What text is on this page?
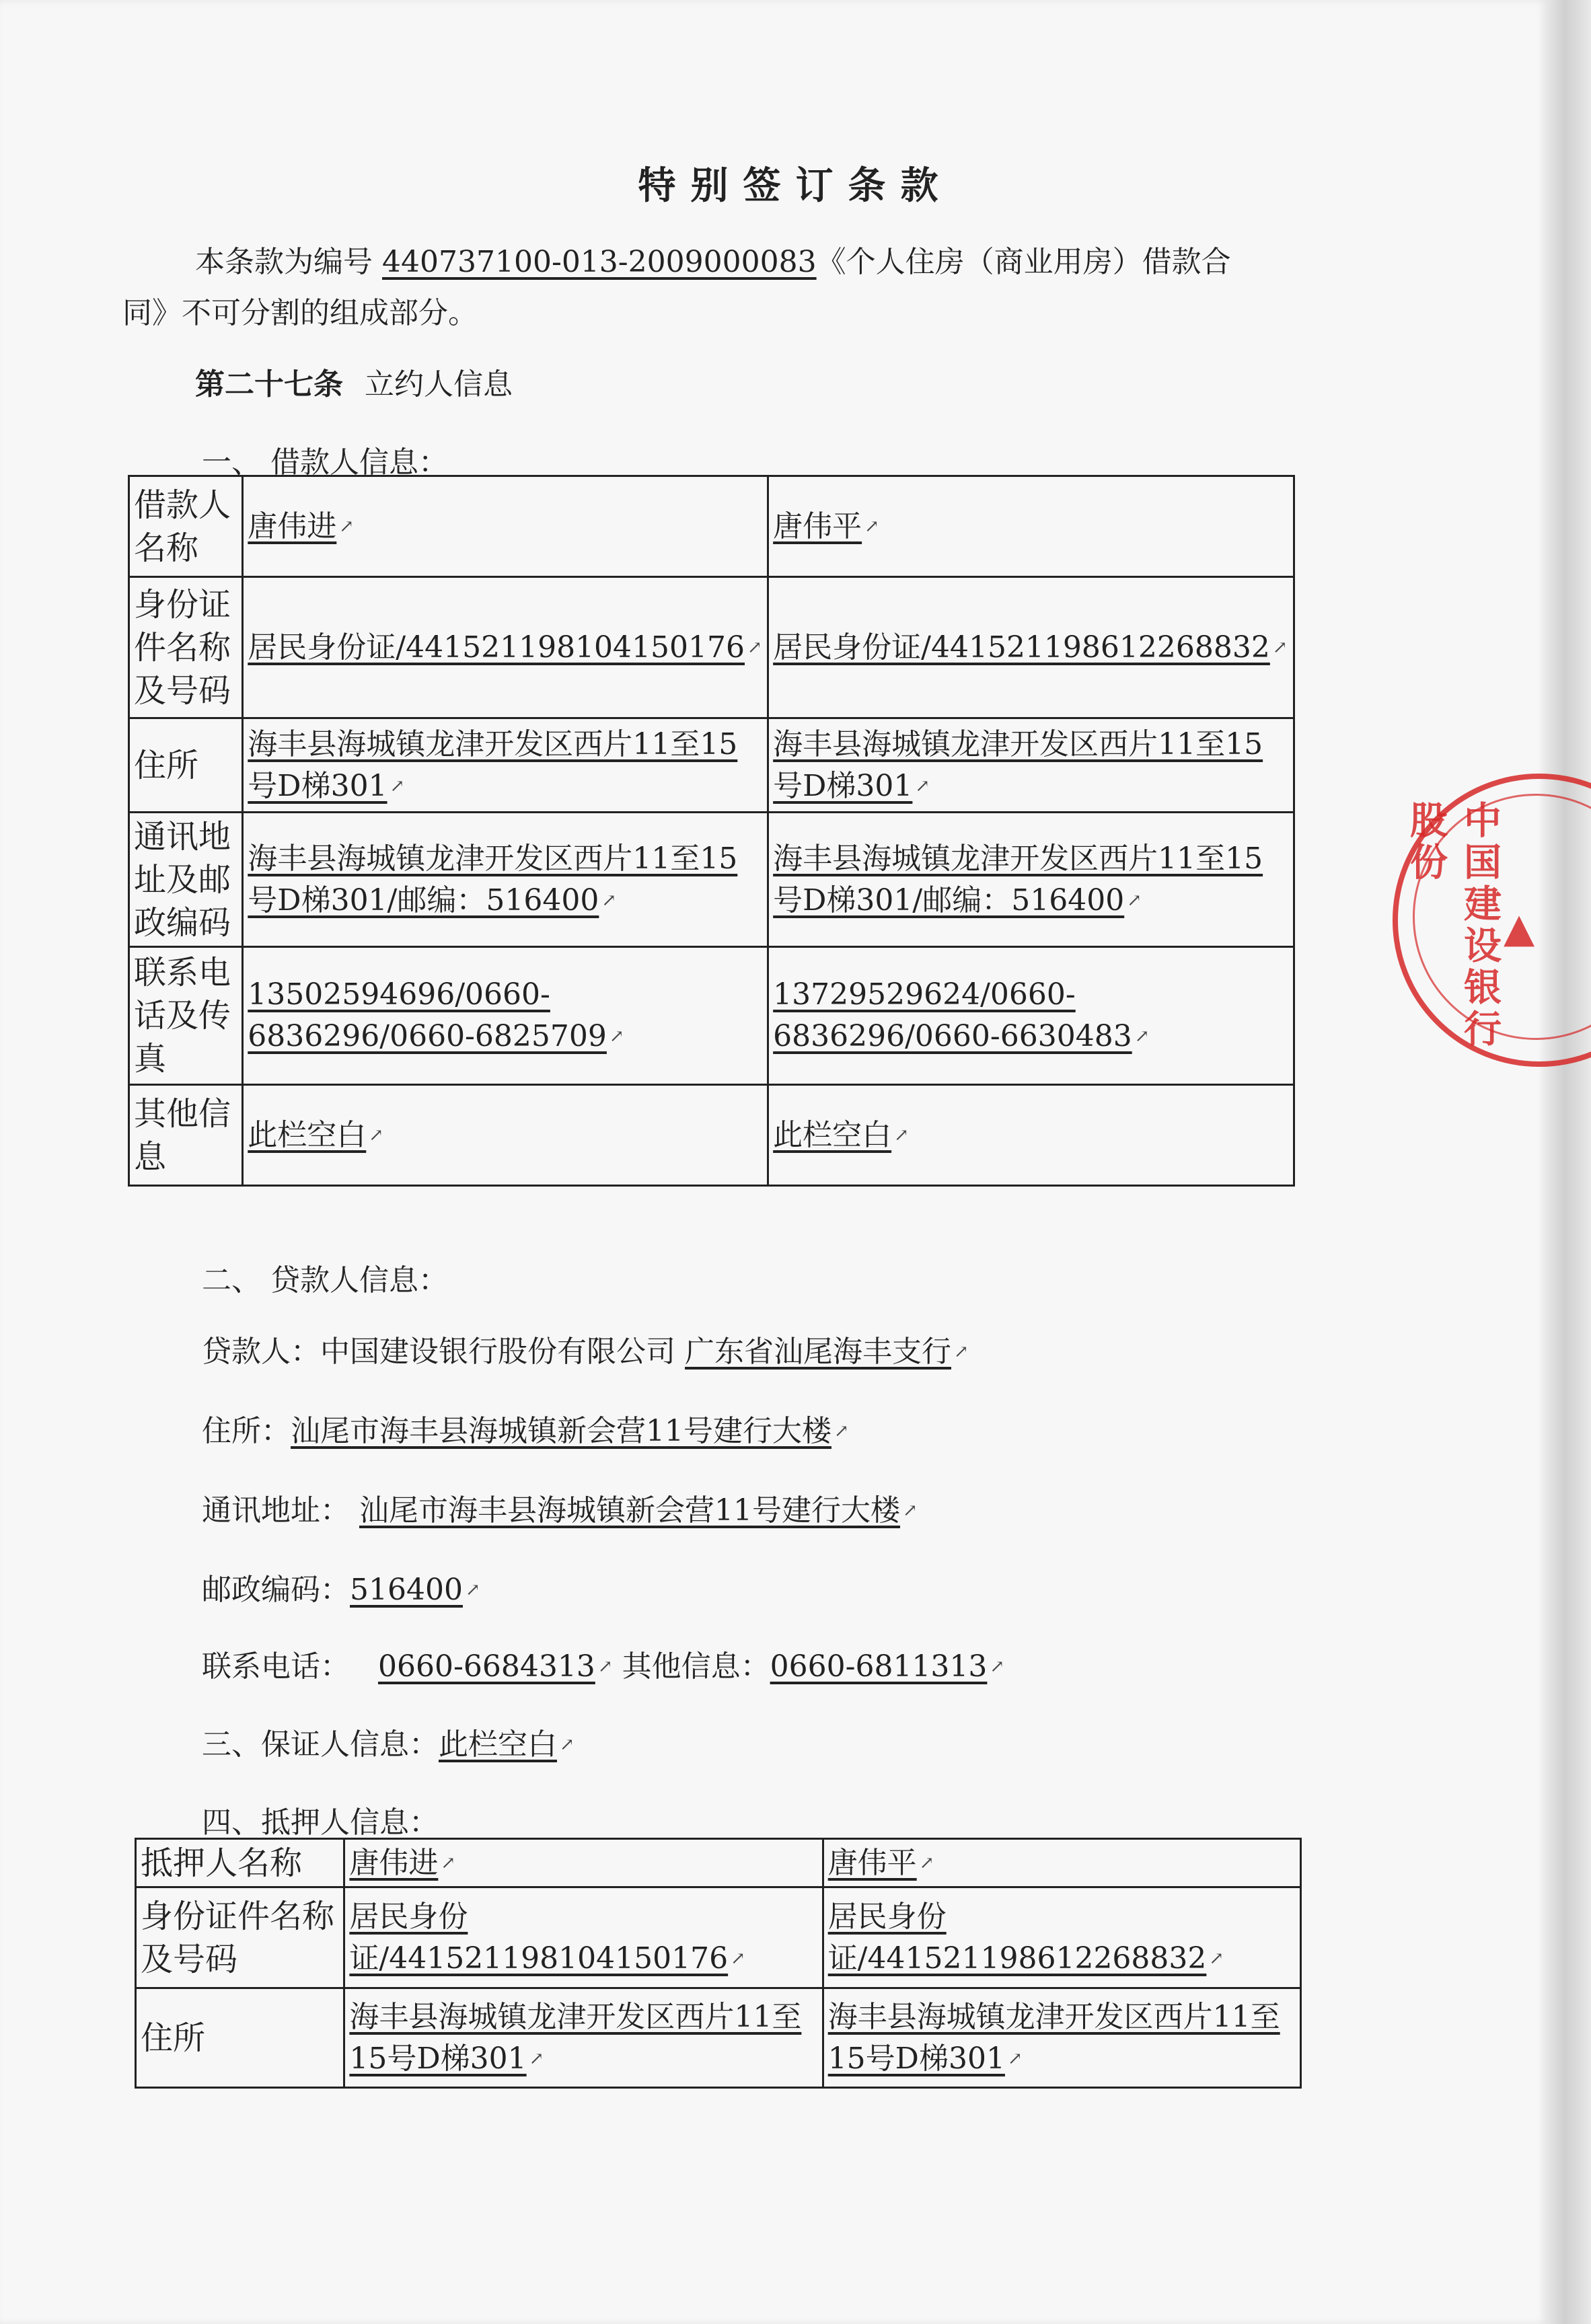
特别签订条款
本条款为编号 440737100-013-2009000083《个人住房（商业用房）借款合
同》不可分割的组成部分。
第二十七条 立约人信息
一、 借款人信息：
借款人名称	唐伟进 ↗	唐伟平 ↗
身份证件名称及号码	居民身份证/441521198104150176 ↗	居民身份证/441521198612268832 ↗
住所	海丰县海城镇龙津开发区西片11至15号D梯301 ↗	海丰县海城镇龙津开发区西片11至15号D梯301 ↗
通讯地址及邮政编码	海丰县海城镇龙津开发区西片11至15号D梯301/邮编：516400 ↗	海丰县海城镇龙津开发区西片11至15号D梯301/邮编：516400 ↗
联系电话及传真	13502594696/0660-6836296/0660-6825709 ↗	13729529624/0660-6836296/0660-6630483 ↗
其他信息	此栏空白 ↗	此栏空白 ↗
二、 贷款人信息：
贷款人：中国建设银行股份有限公司 广东省汕尾海丰支行 ↗
住所：汕尾市海丰县海城镇新会营11号建行大楼 ↗
通讯地址： 汕尾市海丰县海城镇新会营11号建行大楼 ↗
邮政编码：516400 ↗
联系电话： 0660-6684313 ↗ 其他信息：0660-6811313 ↗
三、保证人信息：此栏空白 ↗
四、抵押人信息：
抵押人名称	唐伟进 ↗	唐伟平 ↗
身份证件名称及号码	居民身份证/441521198104150176 ↗	居民身份证/441521198612268832 ↗
住所	海丰县海城镇龙津开发区西片11至15号D梯301 ↗	海丰县海城镇龙津开发区西片11至15号D梯301 ↗
中国建设银行股份
▲
